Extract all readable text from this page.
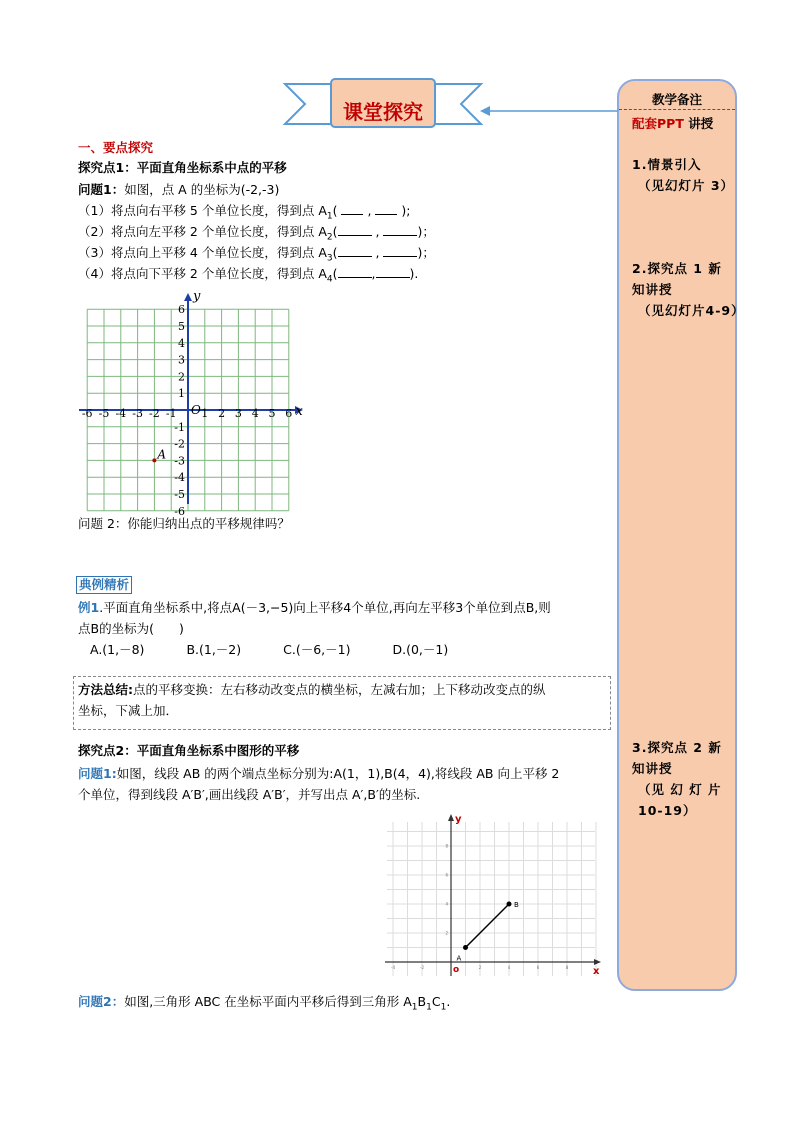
教学备注
配套PPT 讲授
1.情景引入
（见幻灯片 3）
2.探究点 1 新
知讲授
（见幻灯片4-9）
3.探究点 2 新
知讲授
（见 幻 灯 片
10-19）
课堂探究
一、要点探究
探究点1：平面直角坐标系中点的平移
问题1：如图，点 A 的坐标为(-2,-3)
（1）将点向右平移 5 个单位长度，得到点 $A_1$(  ,  );
（2）将点向左平移 2 个单位长度，得到点 $A_2$(	,	)；
（3）将点向上平移 4 个单位长度，得到点 $A_3$(	,	)；
（4）将点向下平移 2 个单位长度，得到点 $A_4$(	,	).
-6 -5 -4 -3 -2 -1 1 2 3 4 5 6
6
5
4
3
2
1
-1
-2
-3
-4
-5
-6
x
y
O
A
问题 2：你能归纳出点的平移规律吗？
典例精析
例1.平面直角坐标系中,将点A(－3,−5)向上平移4个单位,再向左平移3个单位到点B,则
点B的坐标为(　　)
A.(1,－8)	B.(1,－2)	C.(－6,－1)	D.(0,－1)
方法总结:点的平移变换：左右移动改变点的横坐标，左减右加；上下移动改变点的纵
坐标，下减上加．
探究点2：平面直角坐标系中图形的平移
问题1:如图，线段 AB 的两个端点坐标分别为:A(1，1),B(4，4),将线段 AB 向上平移 2
个单位，得到线段 A′B′,画出线段 A′B′，并写出点 A′,B′的坐标.
-4	-2	2	4	6	8
2
4
6
8
x
y
o
A
B
问题2：如图,三角形 ABC 在坐标平面内平移后得到三角形 $A_1B_1C_1$.
